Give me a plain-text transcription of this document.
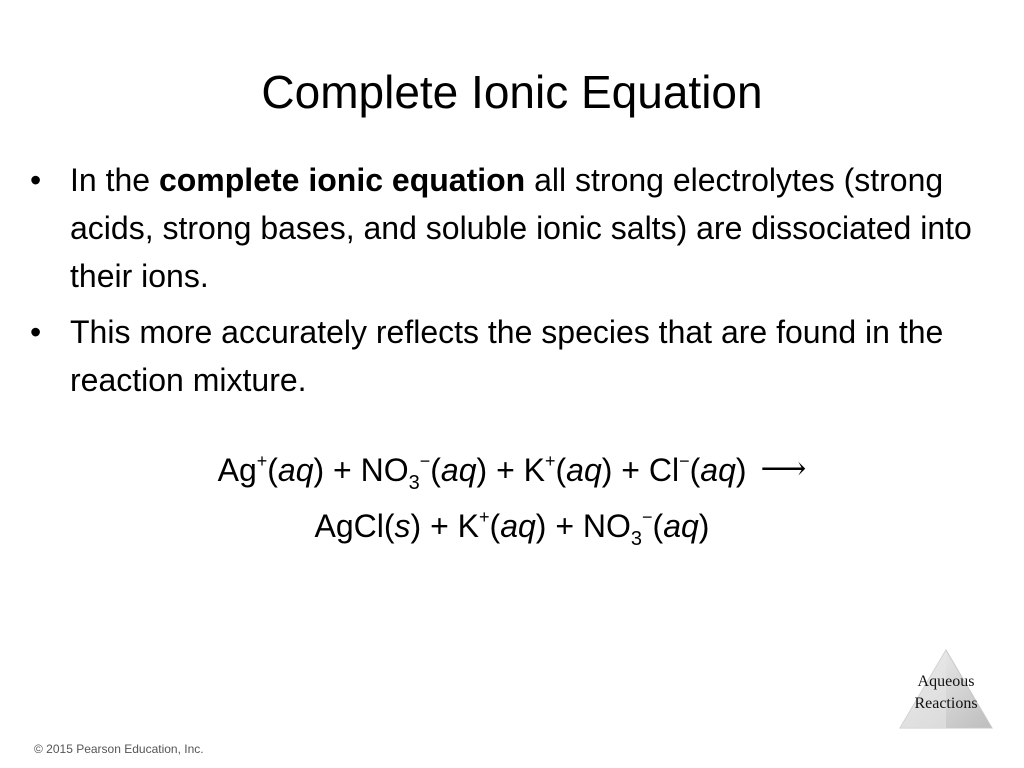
Complete Ionic Equation
• In the complete ionic equation all strong electrolytes (strong acids, strong bases, and soluble ionic salts) are dissociated into their ions.
• This more accurately reflects the species that are found in the reaction mixture.
$Ag^+(aq) + NO_3^-(aq) + K^+(aq) + Cl^-(aq)$ ⟶
AgCl(s) + $K^+(aq) + NO_3^-(aq)$
Aqueous
Reactions
© 2015 Pearson Education, Inc.
